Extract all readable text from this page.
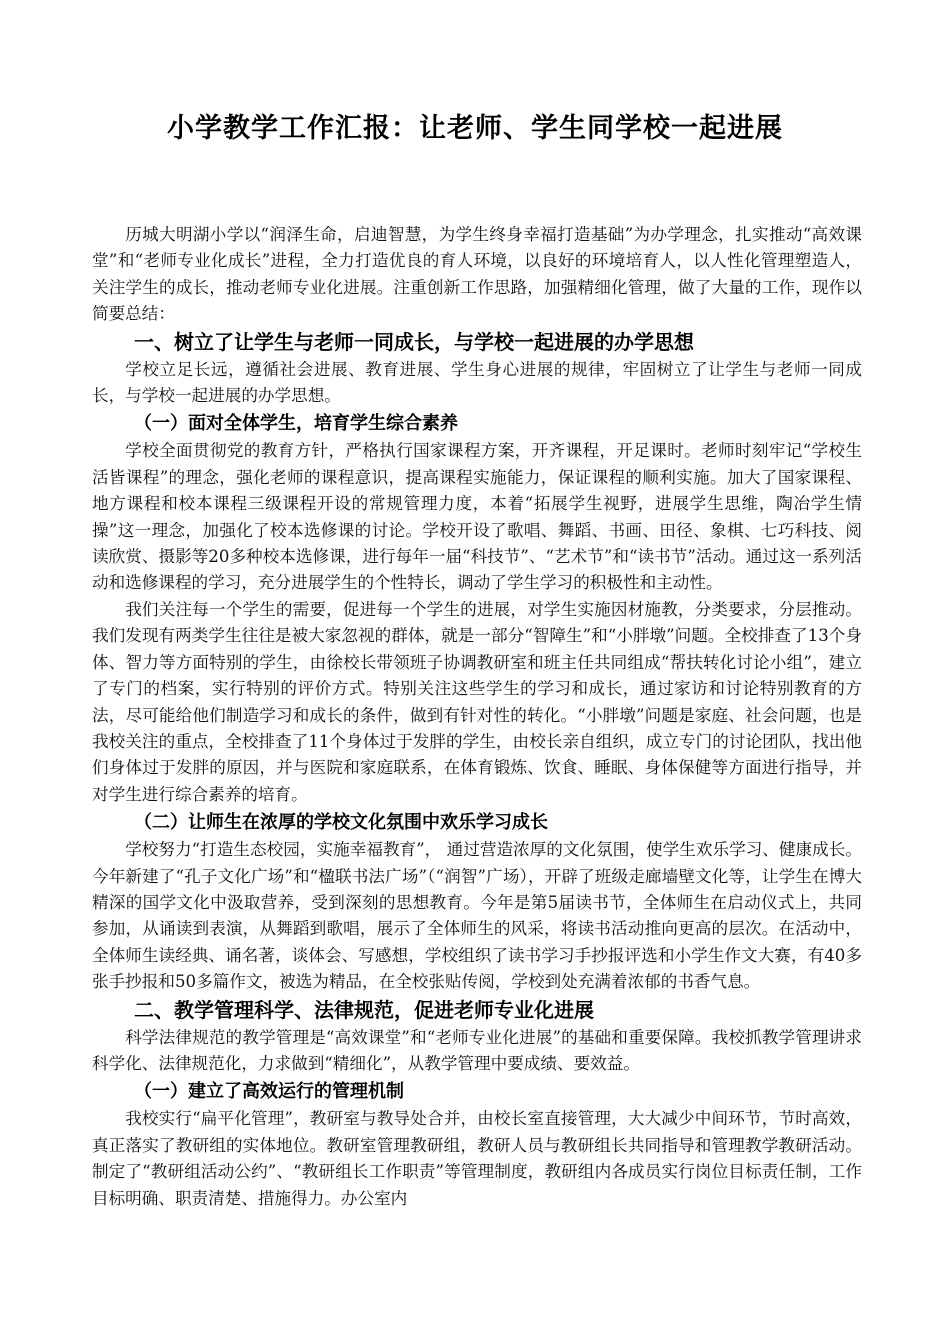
小学教学工作汇报：让老师、学生同学校一起进展

历城大明湖小学以“润泽生命，启迪智慧，为学生终身幸福打造基础”为办学理念，扎实推动“高效课堂”和“老师专业化成长”进程，全力打造优良的育人环境，以良好的环境培育人，以人性化管理塑造人，关注学生的成长，推动老师专业化进展。注重创新工作思路，加强精细化管理，做了大量的工作，现作以简要总结：

一、树立了让学生与老师一同成长，与学校一起进展的办学思想

学校立足长远，遵循社会进展、教育进展、学生身心进展的规律，牢固树立了让学生与老师一同成长，与学校一起进展的办学思想。

（一）面对全体学生，培育学生综合素养

学校全面贯彻党的教育方针，严格执行国家课程方案，开齐课程，开足课时。老师时刻牢记“学校生活皆课程”的理念，强化老师的课程意识，提高课程实施能力，保证课程的顺利实施。加大了国家课程、地方课程和校本课程三级课程开设的常规管理力度，本着“拓展学生视野，进展学生思维，陶冶学生情操”这一理念，加强化了校本选修课的讨论。学校开设了歌唱、舞蹈、书画、田径、象棋、七巧科技、阅读欣赏、摄影等20多种校本选修课，进行每年一届“科技节”、“艺术节”和“读书节”活动。通过这一系列活动和选修课程的学习，充分进展学生的个性特长，调动了学生学习的积极性和主动性。

我们关注每一个学生的需要，促进每一个学生的进展，对学生实施因材施教，分类要求，分层推动。我们发现有两类学生往往是被大家忽视的群体，就是一部分“智障生”和“小胖墩”问题。全校排查了13个身体、智力等方面特别的学生，由徐校长带领班子协调教研室和班主任共同组成“帮扶转化讨论小组”，建立了专门的档案，实行特别的评价方式。特别关注这些学生的学习和成长，通过家访和讨论特别教育的方法，尽可能给他们制造学习和成长的条件，做到有针对性的转化。“小胖墩”问题是家庭、社会问题，也是我校关注的重点，全校排查了11个身体过于发胖的学生，由校长亲自组织，成立专门的讨论团队，找出他们身体过于发胖的原因，并与医院和家庭联系，在体育锻炼、饮食、睡眠、身体保健等方面进行指导，并对学生进行综合素养的培育。

（二）让师生在浓厚的学校文化氛围中欢乐学习成长

学校努力“打造生态校园，实施幸福教育”， 通过营造浓厚的文化氛围，使学生欢乐学习、健康成长。今年新建了“孔子文化广场”和“楹联书法广场”（“润智”广场），开辟了班级走廊墙壁文化等，让学生在博大精深的国学文化中汲取营养，受到深刻的思想教育。今年是第5届读书节，全体师生在启动仪式上，共同参加，从诵读到表演，从舞蹈到歌唱，展示了全体师生的风采，将读书活动推向更高的层次。在活动中，全体师生读经典、诵名著，谈体会、写感想，学校组织了读书学习手抄报评选和小学生作文大赛，有40多张手抄报和50多篇作文，被选为精品，在全校张贴传阅，学校到处充满着浓郁的书香气息。

二、教学管理科学、法律规范，促进老师专业化进展

科学法律规范的教学管理是“高效课堂”和“老师专业化进展”的基础和重要保障。我校抓教学管理讲求科学化、法律规范化，力求做到“精细化”，从教学管理中要成绩、要效益。

（一）建立了高效运行的管理机制

我校实行“扁平化管理”，教研室与教导处合并，由校长室直接管理，大大减少中间环节，节时高效，真正落实了教研组的实体地位。教研室管理教研组，教研人员与教研组长共同指导和管理教学教研活动。制定了“教研组活动公约”、“教研组长工作职责”等管理制度，教研组内各成员实行岗位目标责任制，工作目标明确、职责清楚、措施得力。办公室内
